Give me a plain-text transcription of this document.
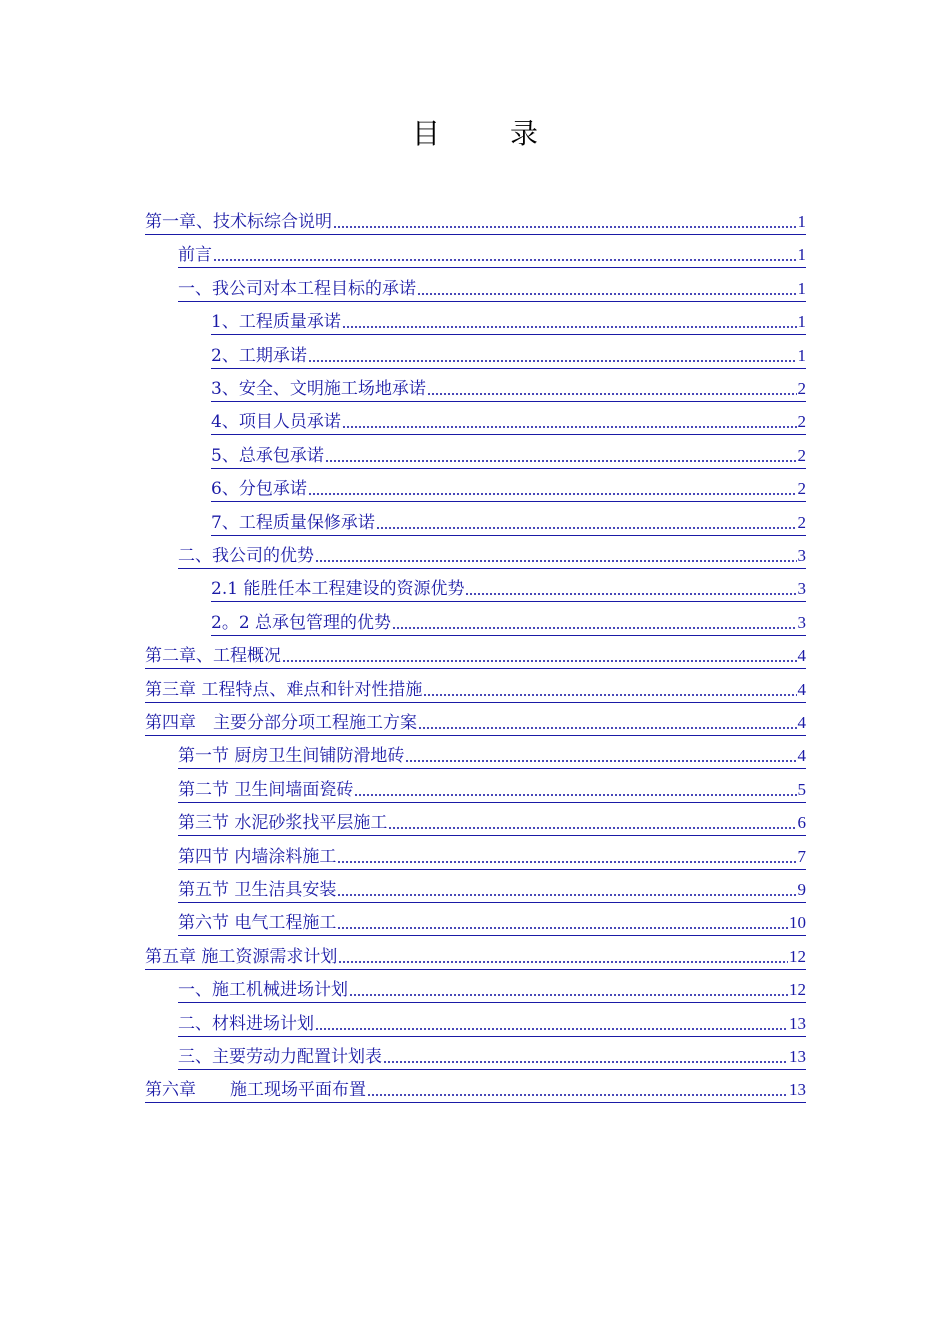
目录
第一章、技术标综合说明	1
前言	1
一、我公司对本工程目标的承诺	1
1、工程质量承诺	1
2、工期承诺	1
3、安全、文明施工场地承诺	2
4、项目人员承诺	2
5、总承包承诺	2
6、分包承诺	2
7、工程质量保修承诺	2
二、我公司的优势	3
2.1 能胜任本工程建设的资源优势	3
2。2 总承包管理的优势	3
第二章、工程概况	4
第三章 工程特点、难点和针对性措施	4
第四章　主要分部分项工程施工方案	4
第一节 厨房卫生间铺防滑地砖	4
第二节 卫生间墙面瓷砖	5
第三节 水泥砂浆找平层施工	6
第四节 内墙涂料施工	7
第五节 卫生洁具安装	9
第六节 电气工程施工	10
第五章 施工资源需求计划	12
一、施工机械进场计划	12
二、材料进场计划	13
三、主要劳动力配置计划表	13
第六章　　施工现场平面布置	13
